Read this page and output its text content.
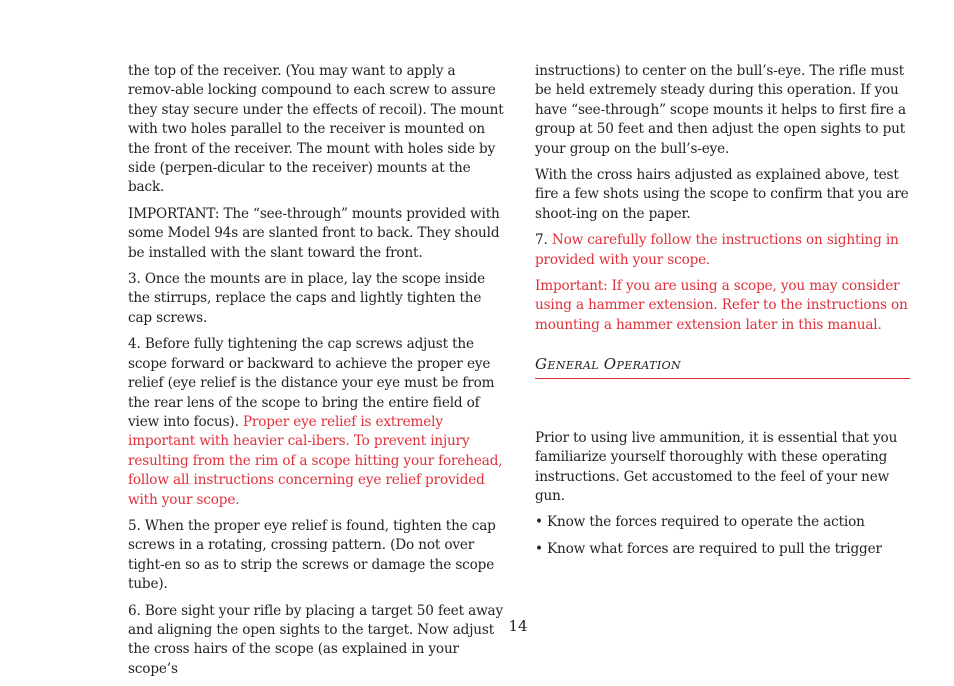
the top of the receiver. (You may want to apply a remov-able locking compound to each screw to assure they stay secure under the effects of recoil). The mount with two holes parallel to the receiver is mounted on the front of the receiver. The mount with holes side by side (perpen-dicular to the receiver) mounts at the back.

IMPORTANT: The “see-through” mounts provided with some Model 94s are slanted front to back. They should be installed with the slant toward the front.

3. Once the mounts are in place, lay the scope inside the stirrups, replace the caps and lightly tighten the cap screws.

4. Before fully tightening the cap screws adjust the scope forward or backward to achieve the proper eye relief (eye relief is the distance your eye must be from the rear lens of the scope to bring the entire field of view into focus). Proper eye relief is extremely important with heavier cal-ibers. To prevent injury resulting from the rim of a scope hitting your forehead, follow all instructions concerning eye relief provided with your scope.

5. When the proper eye relief is found, tighten the cap screws in a rotating, crossing pattern. (Do not over tight-en so as to strip the screws or damage the scope tube).

6. Bore sight your rifle by placing a target 50 feet away and aligning the open sights to the target. Now adjust the cross hairs of the scope (as explained in your scope’s

instructions) to center on the bull’s-eye. The rifle must be held extremely steady during this operation. If you have “see-through” scope mounts it helps to first fire a group at 50 feet and then adjust the open sights to put your group on the bull’s-eye.

With the cross hairs adjusted as explained above, test fire a few shots using the scope to confirm that you are shoot-ing on the paper.

7. Now carefully follow the instructions on sighting in provided with your scope.

Important: If you are using a scope, you may consider using a hammer extension. Refer to the instructions on mounting a hammer extension later in this manual.

GENERAL OPERATION

Prior to using live ammunition, it is essential that you familiarize yourself thoroughly with these operating instructions. Get accustomed to the feel of your new gun.

• Know the forces required to operate the action

• Know what forces are required to pull the trigger

14
